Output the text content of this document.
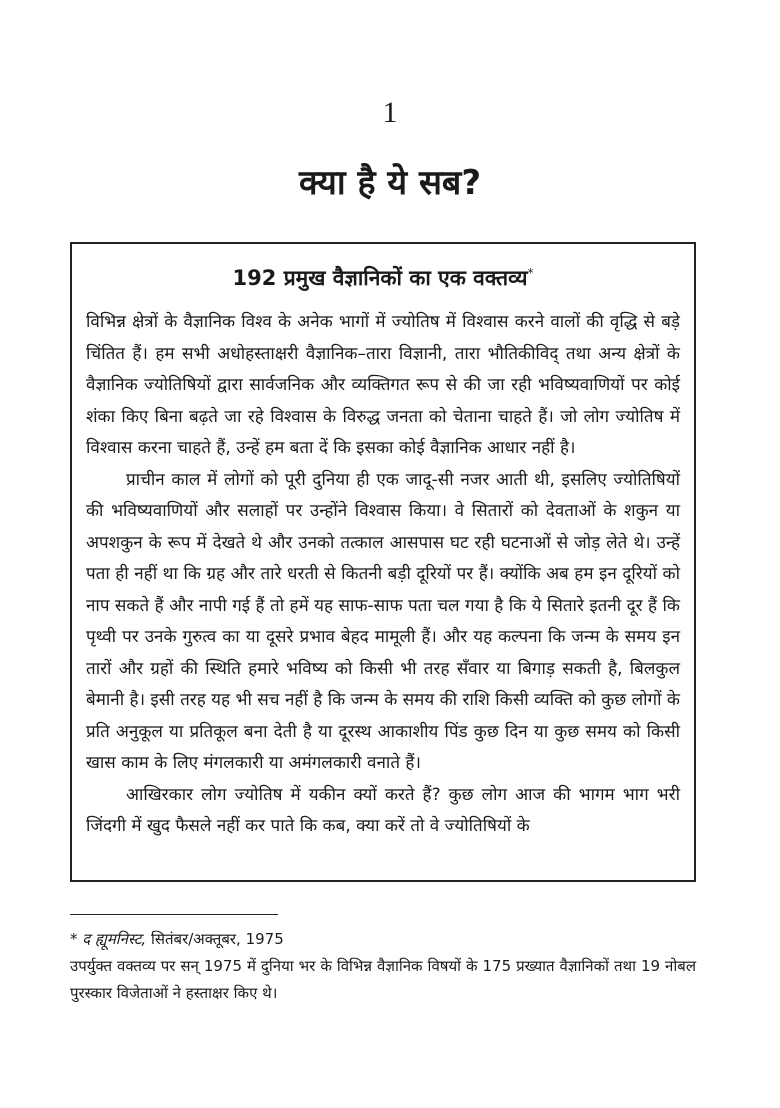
1
क्या है ये सब?
192 प्रमुख वैज्ञानिकों का एक वक्तव्य*

विभिन्न क्षेत्रों के वैज्ञानिक विश्व के अनेक भागों में ज्योतिष में विश्वास करने वालों की वृद्धि से बड़े चिंतित हैं। हम सभी अधोहस्ताक्षरी वैज्ञानिक–तारा विज्ञानी, तारा भौतिकीविद् तथा अन्य क्षेत्रों के वैज्ञानिक ज्योतिषियों द्वारा सार्वजनिक और व्यक्तिगत रूप से की जा रही भविष्यवाणियों पर कोई शंका किए बिना बढ़ते जा रहे विश्वास के विरुद्ध जनता को चेताना चाहते हैं। जो लोग ज्योतिष में विश्वास करना चाहते हैं, उन्हें हम बता दें कि इसका कोई वैज्ञानिक आधार नहीं है।

प्राचीन काल में लोगों को पूरी दुनिया ही एक जादू-सी नजर आती थी, इसलिए ज्योतिषियों की भविष्यवाणियों और सलाहों पर उन्होंने विश्वास किया। वे सितारों को देवताओं के शकुन या अपशकुन के रूप में देखते थे और उनको तत्काल आसपास घट रही घटनाओं से जोड़ लेते थे। उन्हें पता ही नहीं था कि ग्रह और तारे धरती से कितनी बड़ी दूरियों पर हैं। क्योंकि अब हम इन दूरियों को नाप सकते हैं और नापी गई हैं तो हमें यह साफ-साफ पता चल गया है कि ये सितारे इतनी दूर हैं कि पृथ्वी पर उनके गुरुत्व का या दूसरे प्रभाव बेहद मामूली हैं। और यह कल्पना कि जन्म के समय इन तारों और ग्रहों की स्थिति हमारे भविष्य को किसी भी तरह सँवार या बिगाड़ सकती है, बिलकुल बेमानी है। इसी तरह यह भी सच नहीं है कि जन्म के समय की राशि किसी व्यक्ति को कुछ लोगों के प्रति अनुकूल या प्रतिकूल बना देती है या दूरस्थ आकाशीय पिंड कुछ दिन या कुछ समय को किसी खास काम के लिए मंगलकारी या अमंगलकारी वनाते हैं।

आखिरकार लोग ज्योतिष में यकीन क्यों करते हैं? कुछ लोग आज की भागम भाग भरी जिंदगी में खुद फैसले नहीं कर पाते कि कब, क्या करें तो वे ज्योतिषियों के

* द ह्यूमनिस्ट, सितंबर/अक्तूबर, 1975

उपर्युक्त वक्तव्य पर सन् 1975 में दुनिया भर के विभिन्न वैज्ञानिक विषयों के 175 प्रख्यात वैज्ञानिकों तथा 19 नोबल पुरस्कार विजेताओं ने हस्ताक्षर किए थे।
